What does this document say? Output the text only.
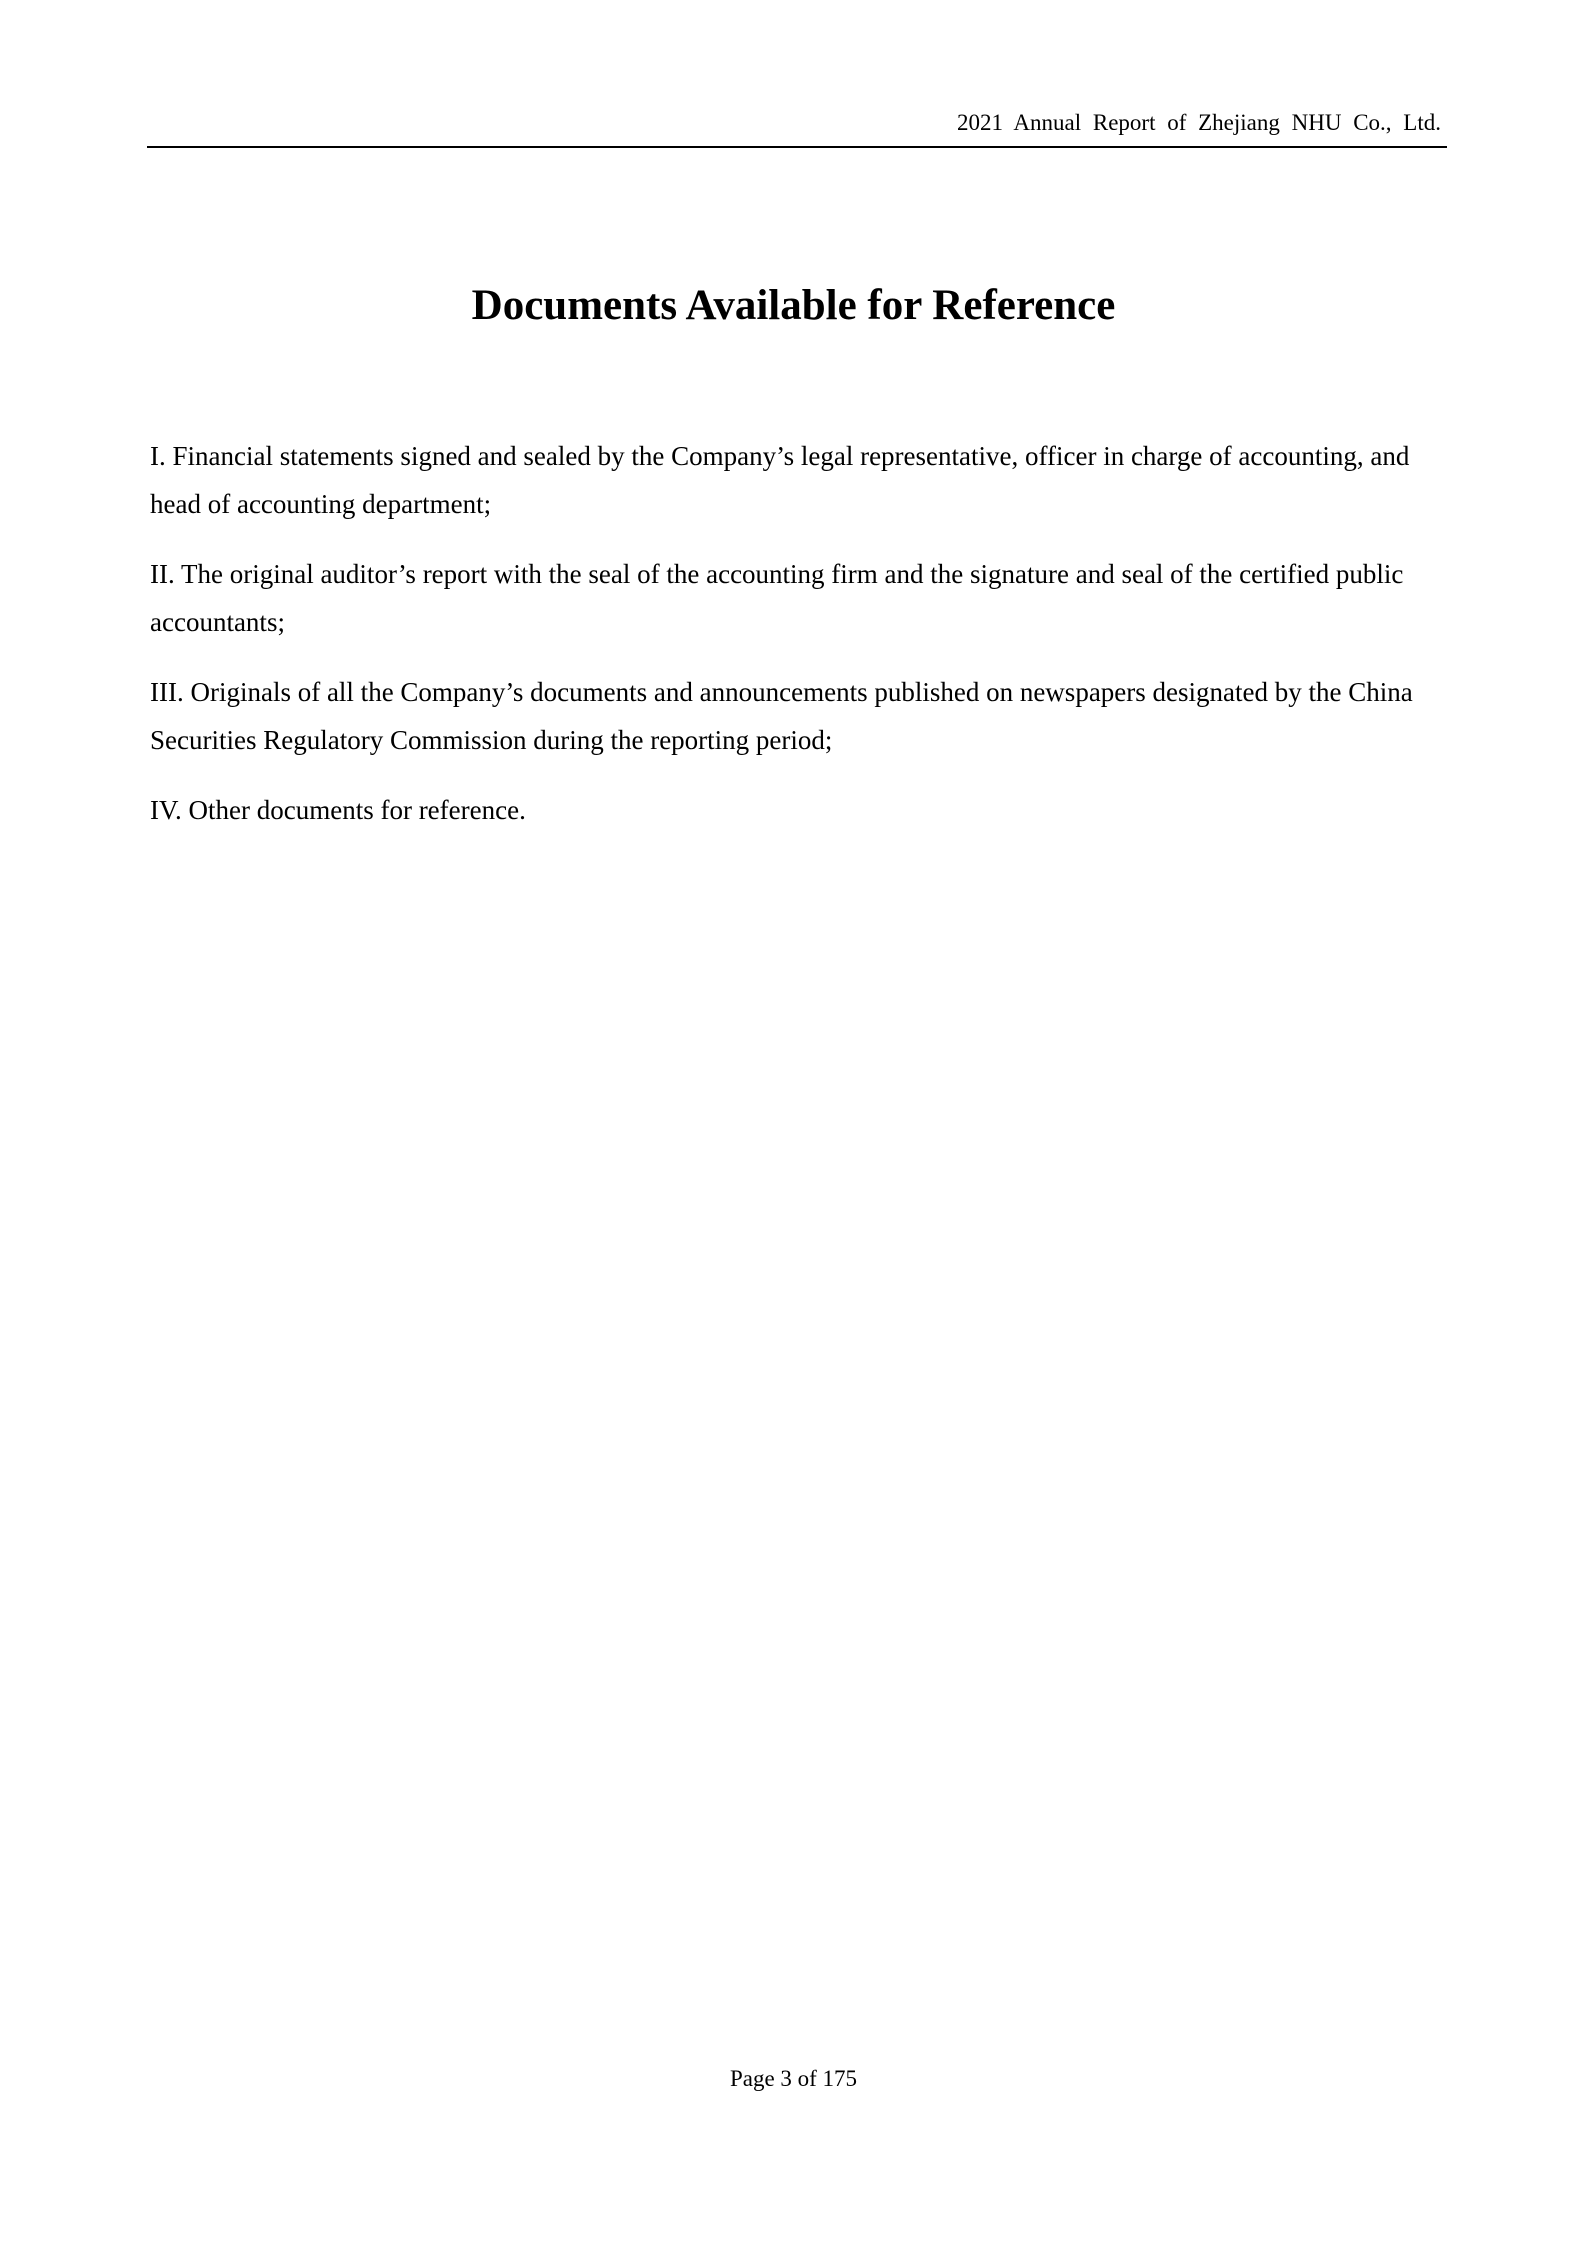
2021 Annual Report of Zhejiang NHU Co., Ltd.
Documents Available for Reference

I. Financial statements signed and sealed by the Company’s legal representative, officer in charge of accounting, and head of accounting department;

II. The original auditor’s report with the seal of the accounting firm and the signature and seal of the certified public accountants;

III. Originals of all the Company’s documents and announcements published on newspapers designated by the China Securities Regulatory Commission during the reporting period;

IV. Other documents for reference.

Page 3 of 175
